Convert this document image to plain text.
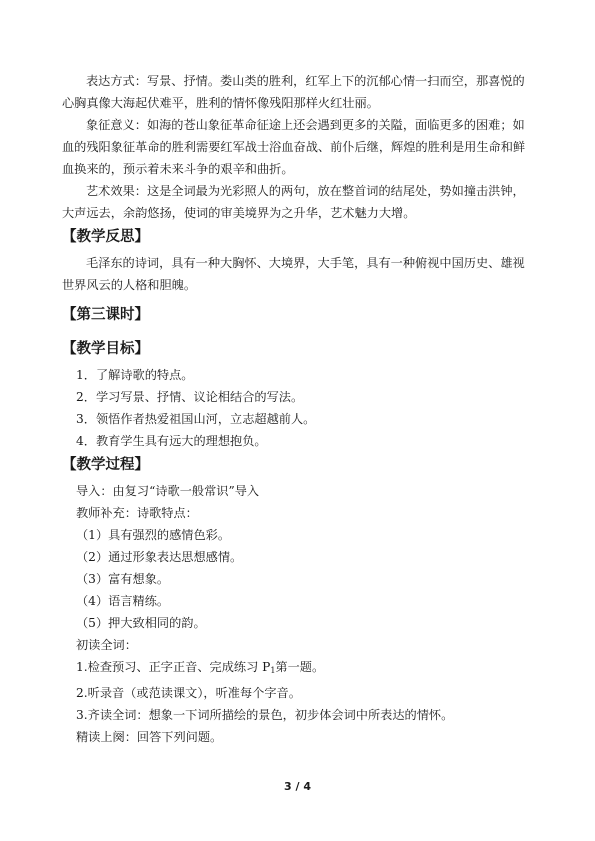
表达方式：写景、抒情。娄山类的胜利，红军上下的沉郁心情一扫而空，那喜悦的心胸真像大海起伏难平，胜利的情怀像残阳那样火红壮丽。

象征意义：如海的苍山象征革命征途上还会遇到更多的关隘，面临更多的困难；如血的残阳象征革命的胜利需要红军战士浴血奋战、前仆后继，辉煌的胜利是用生命和鲜血换来的，预示着未来斗争的艰辛和曲折。

艺术效果：这是全词最为光彩照人的两句，放在整首词的结尾处，势如撞击洪钟，大声远去，余韵悠扬，使词的审美境界为之升华，艺术魅力大增。

【教学反思】

毛泽东的诗词，具有一种大胸怀、大境界，大手笔，具有一种俯视中国历史、雄视世界风云的人格和胆魄。

【第三课时】

【教学目标】

1．了解诗歌的特点。

2．学习写景、抒情、议论相结合的写法。

3．领悟作者热爱祖国山河，立志超越前人。

4．教育学生具有远大的理想抱负。

【教学过程】

导入：由复习“诗歌一般常识”导入

教师补充：诗歌特点：

（1）具有强烈的感情色彩。

（2）通过形象表达思想感情。

（3）富有想象。

（4）语言精练。

（5）押大致相同的韵。

初读全词：

1.检查预习、正字正音、完成练习 $P_1$第一题。

2.听录音（或范读课文），听准每个字音。

3.齐读全词：想象一下词所描绘的景色，初步体会词中所表达的情怀。

精读上阕：回答下列问题。

3 / 4
